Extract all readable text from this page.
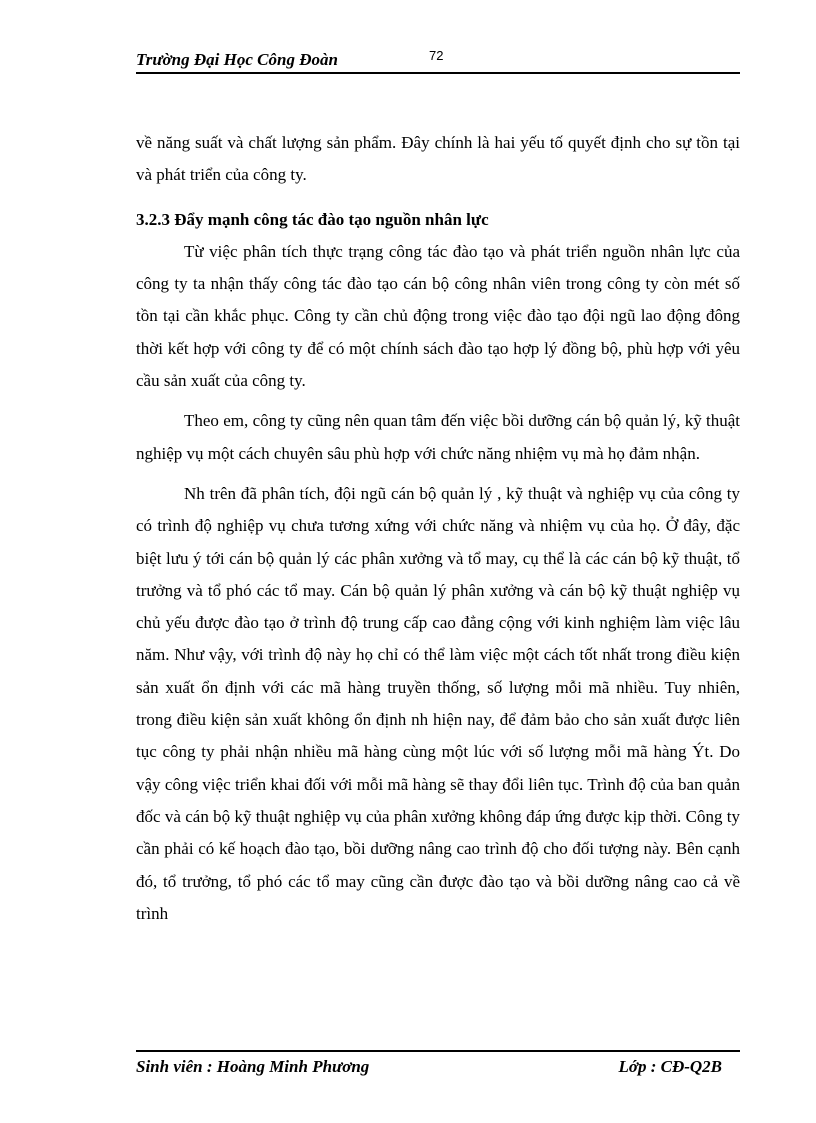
Trường Đại Học Công Đoàn	72

về năng suất và chất lượng sản phẩm. Đây chính là hai yếu tố quyết định cho sự tồn tại và phát triển của công ty.

3.2.3 Đẩy mạnh công tác đào tạo nguồn nhân lực

Từ việc phân tích thực trạng công tác đào tạo và phát triển nguồn nhân lực của công ty ta nhận thấy công tác đào tạo cán bộ công nhân viên trong công ty còn mét số tồn tại cần khắc phục. Công ty cần chủ động trong việc đào tạo đội ngũ lao động đông thời kết hợp với công ty để có một chính sách đào tạo hợp lý đồng bộ, phù hợp với yêu cầu sản xuất của công ty.

Theo em, công ty cũng nên quan tâm đến việc bồi dưỡng cán bộ quản lý, kỹ thuật nghiệp vụ một cách chuyên sâu phù hợp với chức năng nhiệm vụ mà họ đảm nhận.

Nh trên đã phân tích, đội ngũ cán bộ quản lý , kỹ thuật và nghiệp vụ của công ty có trình độ nghiệp vụ chưa tương xứng với chức năng và nhiệm vụ của họ. Ở đây, đặc biệt lưu ý tới cán bộ quản lý các phân xưởng và tổ may, cụ thể là các cán bộ kỹ thuật, tổ trưởng và tổ phó các tổ may. Cán bộ quản lý phân xưởng và cán bộ kỹ thuật nghiệp vụ chủ yếu được đào tạo ở trình độ trung cấp cao đẳng cộng với kinh nghiệm làm việc lâu năm. Như vậy, với trình độ này họ chỉ có thể làm việc một cách tốt nhất trong điều kiện sản xuất ổn định với các mã hàng truyền thống, số lượng mỗi mã nhiều. Tuy nhiên, trong điều kiện sản xuất không ổn định nh hiện nay, để đảm bảo cho sản xuất được liên tục công ty phải nhận nhiều mã hàng cùng một lúc với số lượng mỗi mã hàng Ýt. Do vậy công việc triển khai đối với mỗi mã hàng sẽ thay đổi liên tục. Trình độ của ban quản đốc và cán bộ kỹ thuật nghiệp vụ của phân xưởng không đáp ứng được kịp thời. Công ty cần phải có kế hoạch đào tạo, bồi dưỡng nâng cao trình độ cho đối tượng này. Bên cạnh đó, tổ trưởng, tổ phó các tổ may cũng cần được đào tạo và bồi dưỡng nâng cao cả về trình

Sinh viên : Hoàng Minh Phương	Lớp : CĐ-Q2B
